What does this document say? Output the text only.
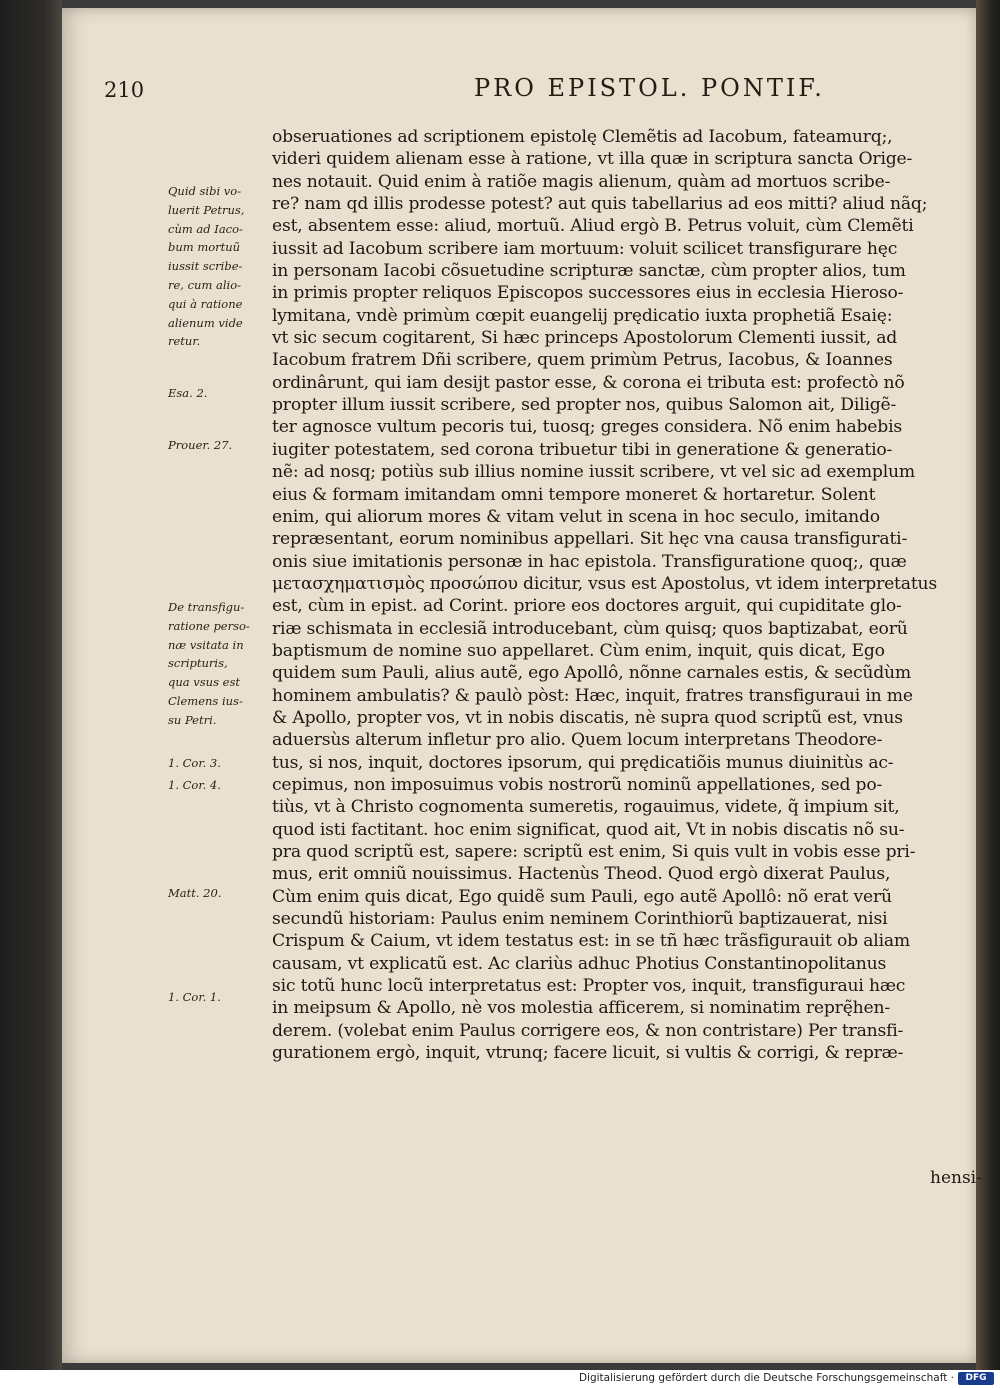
210	PRO EPISTOL. PONTIF.
Quid sibi vo-
luerit Petrus,
cùm ad Iaco-
bum mortuũ
iussit scribe-
re, cum alio-
qui à ratione
alienum vide
retur.
Esa. 2.
Prouer. 27.
De transfigu-
ratione perso-
næ vsitata in
scripturis,
qua vsus est
Clemens ius-
su Petri.
1. Cor. 3.
1. Cor. 4.
Matt. 20.
1. Cor. 1.
obseruationes ad scriptionem epistolę Clemẽtis ad Iacobum, fateamurq;,
videri quidem alienam esse à ratione, vt illa quæ in scriptura sancta Orige-
nes notauit. Quid enim à ratiõe magis alienum, quàm ad mortuos scribe-
re? nam qd illis prodesse potest? aut quis tabellarius ad eos mitti? aliud nãq;
est, absentem esse: aliud, mortuũ. Aliud ergò B. Petrus voluit, cùm Clemẽti
iussit ad Iacobum scribere iam mortuum: voluit scilicet transfigurare hęc
in personam Iacobi cõsuetudine scripturæ sanctæ, cùm propter alios, tum
in primis propter reliquos Episcopos successores eius in ecclesia Hieroso-
lymitana, vndè primùm cœpit euangelij prędicatio iuxta prophetiã Esaię:
vt sic secum cogitarent, Si hæc princeps Apostolorum Clementi iussit, ad
Iacobum fratrem Dñi scribere, quem primùm Petrus, Iacobus, & Ioannes
ordinârunt, qui iam desijt pastor esse, & corona ei tributa est: profectò nõ
propter illum iussit scribere, sed propter nos, quibus Salomon ait, Diligẽ-
ter agnosce vultum pecoris tui, tuosq; greges considera. Nõ enim habebis
iugiter potestatem, sed corona tribuetur tibi in generatione & generatio-
nẽ: ad nosq; potiùs sub illius nomine iussit scribere, vt vel sic ad exemplum
eius & formam imitandam omni tempore moneret & hortaretur. Solent
enim, qui aliorum mores & vitam velut in scena in hoc seculo, imitando
repræsentant, eorum nominibus appellari. Sit hęc vna causa transfigurati-
onis siue imitationis personæ in hac epistola. Transfiguratione quoq;, quæ
μετασχηματισμὸς προσώπου dicitur, vsus est Apostolus, vt idem interpretatus
est, cùm in epist. ad Corint. priore eos doctores arguit, qui cupiditate glo-
riæ schismata in ecclesiã introducebant, cùm quisq; quos baptizabat, eorũ
baptismum de nomine suo appellaret. Cùm enim, inquit, quis dicat, Ego
quidem sum Pauli, alius autẽ, ego Apollô, nõnne carnales estis, & secũdùm
hominem ambulatis? & paulò pòst: Hæc, inquit, fratres transfiguraui in me
& Apollo, propter vos, vt in nobis discatis, nè supra quod scriptũ est, vnus
aduersùs alterum infletur pro alio. Quem locum interpretans Theodore-
tus, si nos, inquit, doctores ipsorum, qui prędicatiõis munus diuinitùs ac-
cepimus, non imposuimus vobis nostrorũ nominũ appellationes, sed po-
tiùs, vt à Christo cognomenta sumeretis, rogauimus, videte, q̃ impium sit,
quod isti factitant. hoc enim significat, quod ait, Vt in nobis discatis nõ su-
pra quod scriptũ est, sapere: scriptũ est enim, Si quis vult in vobis esse pri-
mus, erit omniũ nouissimus. Hactenùs Theod. Quod ergò dixerat Paulus,
Cùm enim quis dicat, Ego quidẽ sum Pauli, ego autẽ Apollô: nõ erat verũ
secundũ historiam: Paulus enim neminem Corinthiorũ baptizauerat, nisi
Crispum & Caium, vt idem testatus est: in se tñ hæc trãsfigurauit ob aliam
causam, vt explicatũ est. Ac clariùs adhuc Photius Constantinopolitanus
sic totũ hunc locũ interpretatus est: Propter vos, inquit, transfiguraui hæc
in meipsum & Apollo, nè vos molestia afficerem, si nominatim reprę̃hen-
derem. (volebat enim Paulus corrigere eos, & non contristare) Per transfi-
gurationem ergò, inquit, vtrunq; facere licuit, si vultis & corrigi, & repræ-
hensi-
Digitalisierung gefördert durch die Deutsche Forschungsgemeinschaft ·	DFG
